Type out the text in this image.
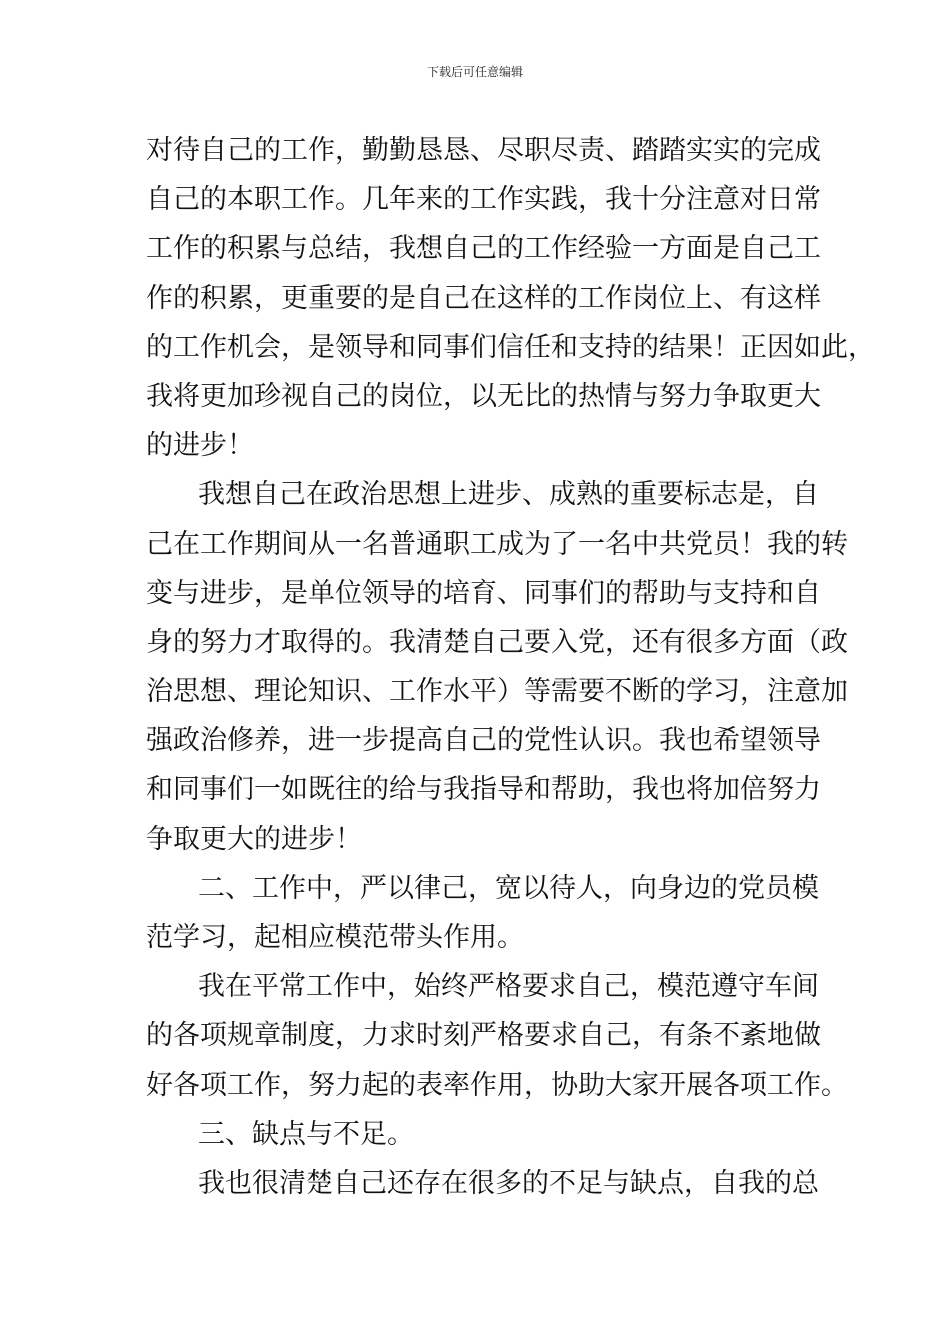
下载后可任意编辑
对待自己的工作，勤勤恳恳、尽职尽责、踏踏实实的完成
自己的本职工作。几年来的工作实践，我十分注意对日常
工作的积累与总结，我想自己的工作经验一方面是自己工
作的积累，更重要的是自己在这样的工作岗位上、有这样
的工作机会，是领导和同事们信任和支持的结果！正因如此，
我将更加珍视自己的岗位，以无比的热情与努力争取更大
的进步！
我想自己在政治思想上进步、成熟的重要标志是，自
己在工作期间从一名普通职工成为了一名中共党员！我的转
变与进步，是单位领导的培育、同事们的帮助与支持和自
身的努力才取得的。我清楚自己要入党，还有很多方面（政
治思想、理论知识、工作水平）等需要不断的学习，注意加
强政治修养，进一步提高自己的党性认识。我也希望领导
和同事们一如既往的给与我指导和帮助，我也将加倍努力
争取更大的进步！
二、工作中，严以律己，宽以待人，向身边的党员模
范学习，起相应模范带头作用。
我在平常工作中，始终严格要求自己，模范遵守车间
的各项规章制度，力求时刻严格要求自己，有条不紊地做
好各项工作，努力起的表率作用，协助大家开展各项工作。
三、缺点与不足。
我也很清楚自己还存在很多的不足与缺点，自我的总
